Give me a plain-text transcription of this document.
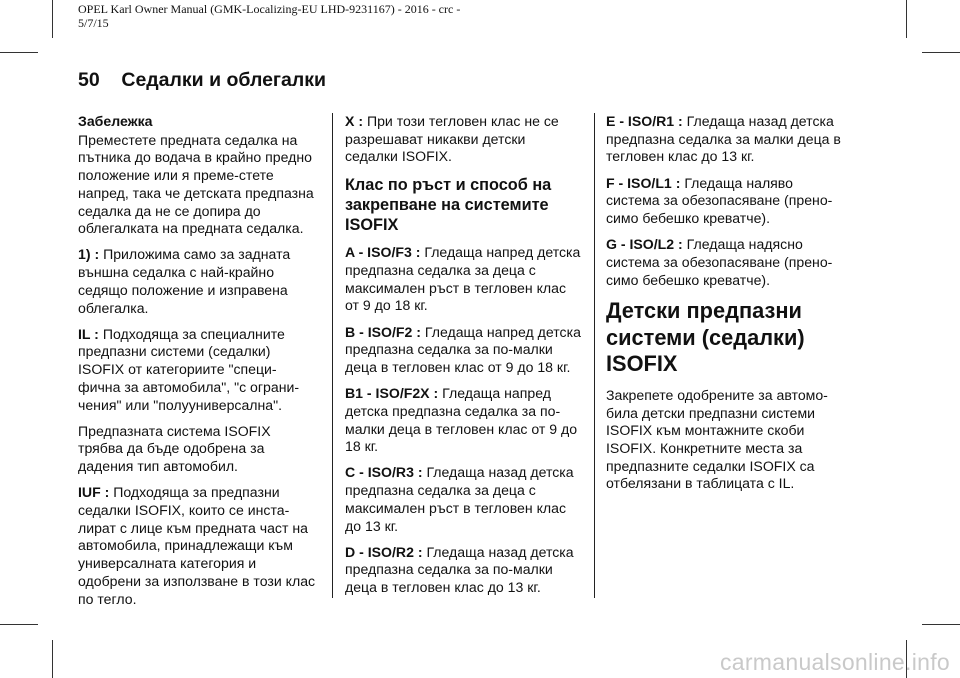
OPEL Karl Owner Manual (GMK-Localizing-EU LHD-9231167) - 2016 - crc -
5/7/15
50 Седалки и облегалки

Забележка

Преместете предната седалка на пътника до водача в крайно предно положение или я преме-стете напред, така че детската предпазна седалка да не се допира до облегалката на предната седалка.

1) : Приложима само за задната външна седалка с най-крайно седящо положение и изправена облегалка.

IL : Подходяща за специалните предпазни системи (седалки) ISOFIX от категориите "специ-фична за автомобила", "с ограни-чения" или "полууниверсална".

Предпазната система ISOFIX трябва да бъде одобрена за дадения тип автомобил.

IUF : Подходяща за предпазни седалки ISOFIX, които се инста-лират с лице към предната част на автомобила, принадлежащи към универсалната категория и одобрени за използване в този клас по тегло.

X : При този тегловен клас не се разрешават никакви детски седалки ISOFIX.

Клас по ръст и способ на закрепване на системите ISOFIX

A - ISO/F3 : Гледаща напред детска предпазна седалка за деца с максимален ръст в тегловен клас от 9 до 18 кг.

B - ISO/F2 : Гледаща напред детска предпазна седалка за по-малки деца в тегловен клас от 9 до 18 кг.

B1 - ISO/F2X : Гледаща напред детска предпазна седалка за по-малки деца в тегловен клас от 9 до 18 кг.

C - ISO/R3 : Гледаща назад детска предпазна седалка за деца с максимален ръст в тегловен клас до 13 кг.

D - ISO/R2 : Гледаща назад детска предпазна седалка за по-малки деца в тегловен клас до 13 кг.

E - ISO/R1 : Гледаща назад детска предпазна седалка за малки деца в тегловен клас до 13 кг.

F - ISO/L1 : Гледаща наляво система за обезопасяване (прено-симо бебешко креватче).

G - ISO/L2 : Гледаща надясно система за обезопасяване (прено-симо бебешко креватче).

Детски предпазни системи (седалки) ISOFIX

Закрепете одобрените за автомо-била детски предпазни системи ISOFIX към монтажните скоби ISOFIX. Конкретните места за предпазните седалки ISOFIX са отбелязани в таблицата с IL.

carmanualsonline.info
